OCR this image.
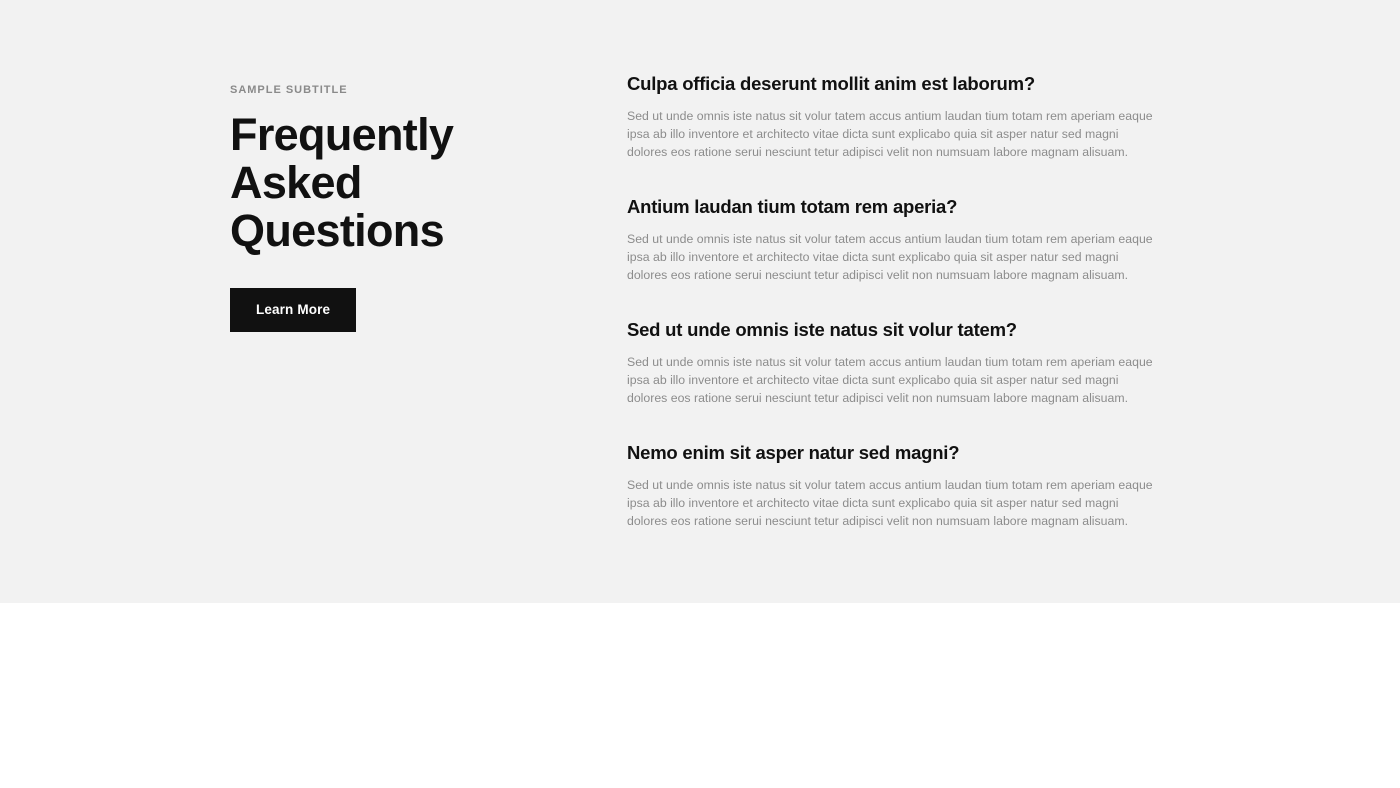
SAMPLE SUBTITLE

Frequently Asked Questions
Learn More
Culpa officia deserunt mollit anim est laborum?

Sed ut unde omnis iste natus sit volur tatem accus antium laudan tium totam rem aperiam eaque ipsa ab illo inventore et architecto vitae dicta sunt explicabo quia sit asper natur sed magni dolores eos ratione serui nesciunt tetur adipisci velit non numsuam labore magnam alisuam.

Antium laudan tium totam rem aperia?

Sed ut unde omnis iste natus sit volur tatem accus antium laudan tium totam rem aperiam eaque ipsa ab illo inventore et architecto vitae dicta sunt explicabo quia sit asper natur sed magni dolores eos ratione serui nesciunt tetur adipisci velit non numsuam labore magnam alisuam.

Sed ut unde omnis iste natus sit volur tatem?

Sed ut unde omnis iste natus sit volur tatem accus antium laudan tium totam rem aperiam eaque ipsa ab illo inventore et architecto vitae dicta sunt explicabo quia sit asper natur sed magni dolores eos ratione serui nesciunt tetur adipisci velit non numsuam labore magnam alisuam.

Nemo enim sit asper natur sed magni?

Sed ut unde omnis iste natus sit volur tatem accus antium laudan tium totam rem aperiam eaque ipsa ab illo inventore et architecto vitae dicta sunt explicabo quia sit asper natur sed magni dolores eos ratione serui nesciunt tetur adipisci velit non numsuam labore magnam alisuam.
